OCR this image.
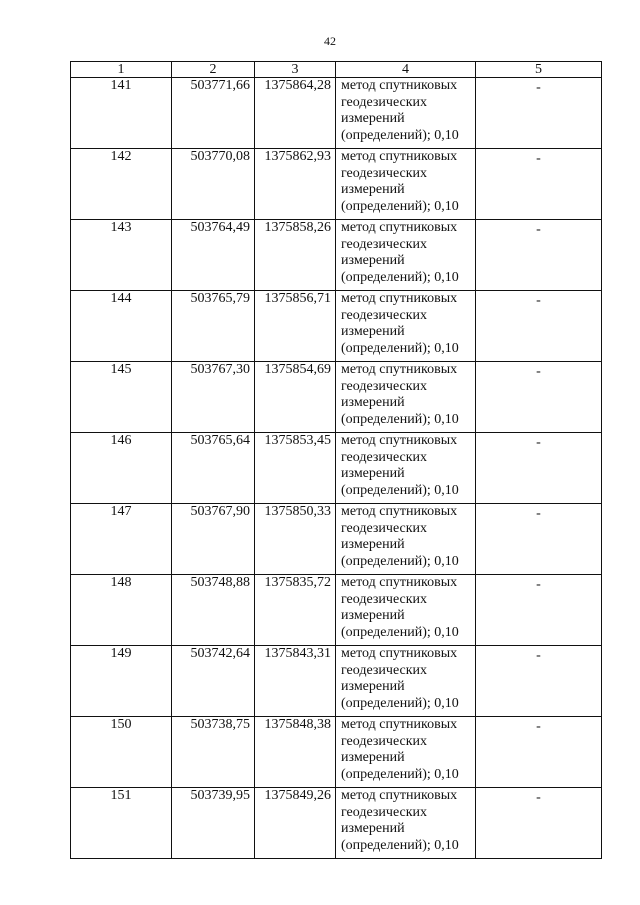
42
1	2	3	4	5
141	503771,66	1375864,28	метод спутниковых
геодезических
измерений
(определений); 0,10	-
142	503770,08	1375862,93	метод спутниковых
геодезических
измерений
(определений); 0,10	-
143	503764,49	1375858,26	метод спутниковых
геодезических
измерений
(определений); 0,10	-
144	503765,79	1375856,71	метод спутниковых
геодезических
измерений
(определений); 0,10	-
145	503767,30	1375854,69	метод спутниковых
геодезических
измерений
(определений); 0,10	-
146	503765,64	1375853,45	метод спутниковых
геодезических
измерений
(определений); 0,10	-
147	503767,90	1375850,33	метод спутниковых
геодезических
измерений
(определений); 0,10	-
148	503748,88	1375835,72	метод спутниковых
геодезических
измерений
(определений); 0,10	-
149	503742,64	1375843,31	метод спутниковых
геодезических
измерений
(определений); 0,10	-
150	503738,75	1375848,38	метод спутниковых
геодезических
измерений
(определений); 0,10	-
151	503739,95	1375849,26	метод спутниковых
геодезических
измерений
(определений); 0,10	-
